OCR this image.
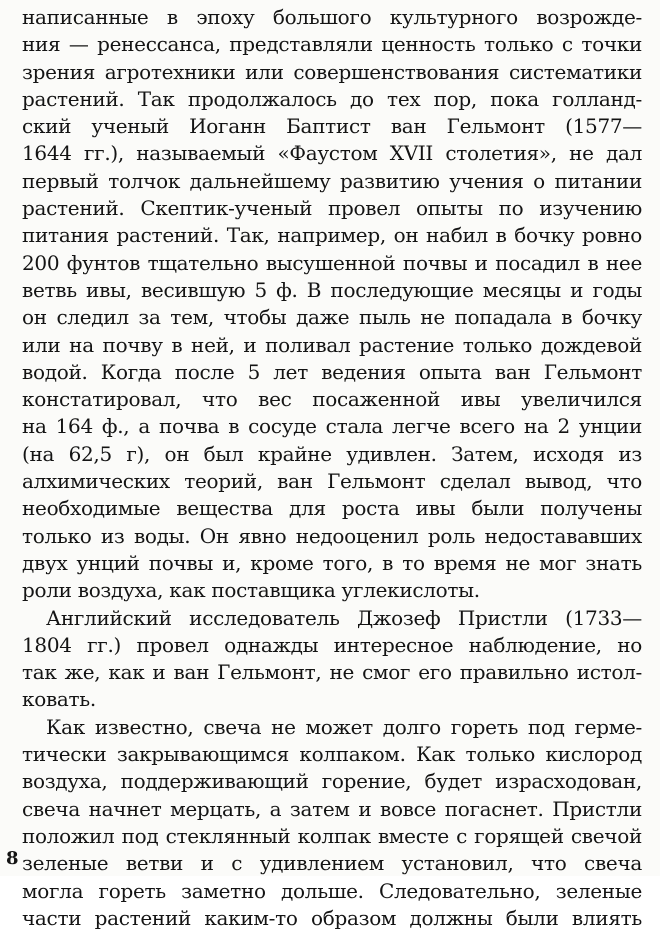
написанные в эпоху большого культурного возрожде-
ния — ренессанса, представляли ценность только с точки
зрения агротехники или совершенствования систематики
растений. Так продолжалось до тех пор, пока голланд-
ский ученый Иоганн Баптист ван Гельмонт (1577—
1644 гг.), называемый «Фаустом XVII столетия», не дал
первый толчок дальнейшему развитию учения о питании
растений. Скептик-ученый провел опыты по изучению
питания растений. Так, например, он набил в бочку ровно
200 фунтов тщательно высушенной почвы и посадил в нее
ветвь ивы, весившую 5 ф. В последующие месяцы и годы
он следил за тем, чтобы даже пыль не попадала в бочку
или на почву в ней, и поливал растение только дождевой
водой. Когда после 5 лет ведения опыта ван Гельмонт
констатировал, что вес посаженной ивы увеличился
на 164 ф., а почва в сосуде стала легче всего на 2 унции
(на 62,5 г), он был крайне удивлен. Затем, исходя из
алхимических теорий, ван Гельмонт сделал вывод, что
необходимые вещества для роста ивы были получены
только из воды. Он явно недооценил роль недостававших
двух унций почвы и, кроме того, в то время не мог знать
роли воздуха, как поставщика углекислоты.
Английский исследователь Джозеф Пристли (1733—
1804 гг.) провел однажды интересное наблюдение, но
так же, как и ван Гельмонт, не смог его правильно истол-
ковать.
Как известно, свеча не может долго гореть под герме-
тически закрывающимся колпаком. Как только кислород
воздуха, поддерживающий горение, будет израсходован,
свеча начнет мерцать, а затем и вовсе погаснет. Пристли
положил под стеклянный колпак вместе с горящей свечой
зеленые ветви и с удивлением установил, что свеча
могла гореть заметно дольше. Следовательно, зеленые
части растений каким-то образом должны были влиять
8
